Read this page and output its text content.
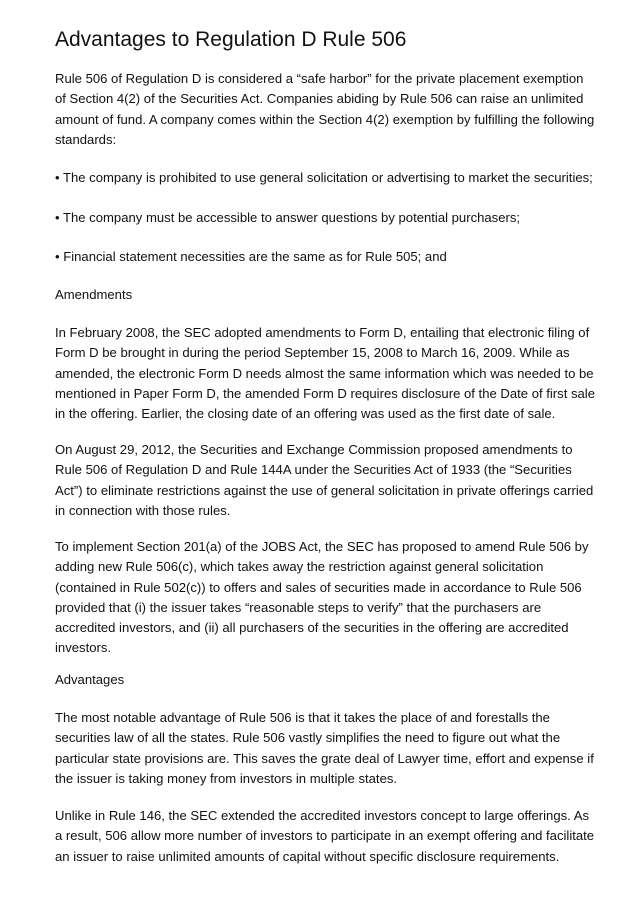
Advantages to Regulation D Rule 506

Rule 506 of Regulation D is considered a “safe harbor” for the private placement exemption of Section 4(2) of the Securities Act. Companies abiding by Rule 506 can raise an unlimited amount of fund. A company comes within the Section 4(2) exemption by fulfilling the following standards:

• The company is prohibited to use general solicitation or advertising to market the securities;

• The company must be accessible to answer questions by potential purchasers;

• Financial statement necessities are the same as for Rule 505; and

Amendments

In February 2008, the SEC adopted amendments to Form D, entailing that electronic filing of Form D be brought in during the period September 15, 2008 to March 16, 2009. While as amended, the electronic Form D needs almost the same information which was needed to be mentioned in Paper Form D, the amended Form D requires disclosure of the Date of first sale in the offering. Earlier, the closing date of an offering was used as the first date of sale.

On August 29, 2012, the Securities and Exchange Commission proposed amendments to Rule 506 of Regulation D and Rule 144A under the Securities Act of 1933 (the “Securities Act”) to eliminate restrictions against the use of general solicitation in private offerings carried in connection with those rules.

To implement Section 201(a) of the JOBS Act, the SEC has proposed to amend Rule 506 by adding new Rule 506(c), which takes away the restriction against general solicitation (contained in Rule 502(c)) to offers and sales of securities made in accordance to Rule 506 provided that (i) the issuer takes “reasonable steps to verify” that the purchasers are accredited investors, and (ii) all purchasers of the securities in the offering are accredited investors.

Advantages

The most notable advantage of Rule 506 is that it takes the place of and forestalls the securities law of all the states. Rule 506 vastly simplifies the need to figure out what the particular state provisions are. This saves the grate deal of Lawyer time, effort and expense if the issuer is taking money from investors in multiple states.

Unlike in Rule 146, the SEC extended the accredited investors concept to large offerings. As a result, 506 allow more number of investors to participate in an exempt offering and facilitate an issuer to raise unlimited amounts of capital without specific disclosure requirements.
